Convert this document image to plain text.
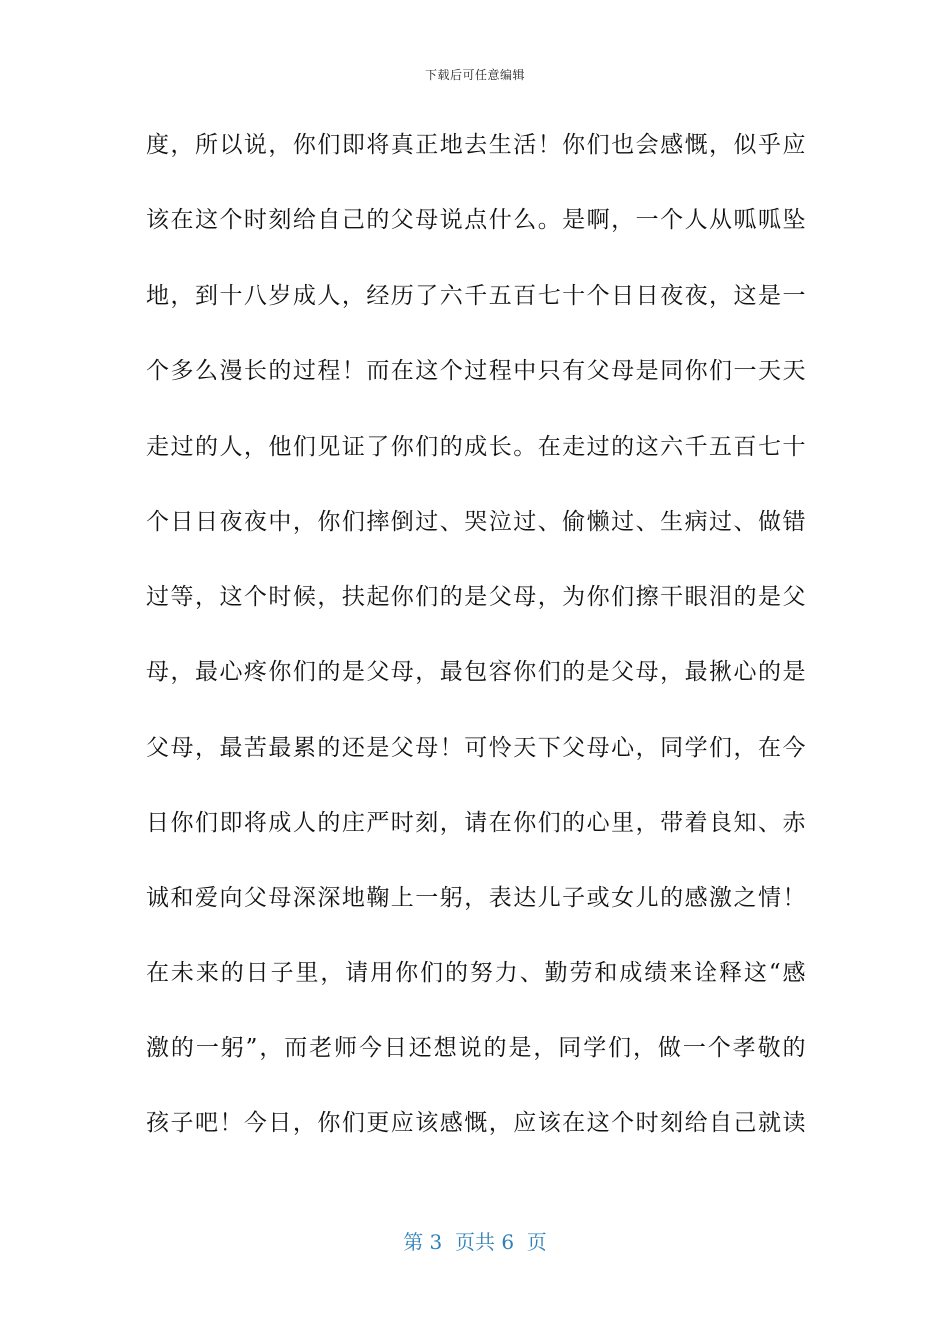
下载后可任意编辑
度，所以说，你们即将真正地去生活！你们也会感慨，似乎应
该在这个时刻给自己的父母说点什么。是啊，一个人从呱呱坠
地，到十八岁成人，经历了六千五百七十个日日夜夜，这是一
个多么漫长的过程！而在这个过程中只有父母是同你们一天天
走过的人，他们见证了你们的成长。在走过的这六千五百七十
个日日夜夜中，你们摔倒过、哭泣过、偷懒过、生病过、做错
过等，这个时候，扶起你们的是父母，为你们擦干眼泪的是父
母，最心疼你们的是父母，最包容你们的是父母，最揪心的是
父母，最苦最累的还是父母！可怜天下父母心，同学们，在今
日你们即将成人的庄严时刻，请在你们的心里，带着良知、赤
诚和爱向父母深深地鞠上一躬，表达儿子或女儿的感激之情！
在未来的日子里，请用你们的努力、勤劳和成绩来诠释这“感
激的一躬”，而老师今日还想说的是，同学们，做一个孝敬的
孩子吧！今日，你们更应该感慨，应该在这个时刻给自己就读
第 3  页共 6  页
